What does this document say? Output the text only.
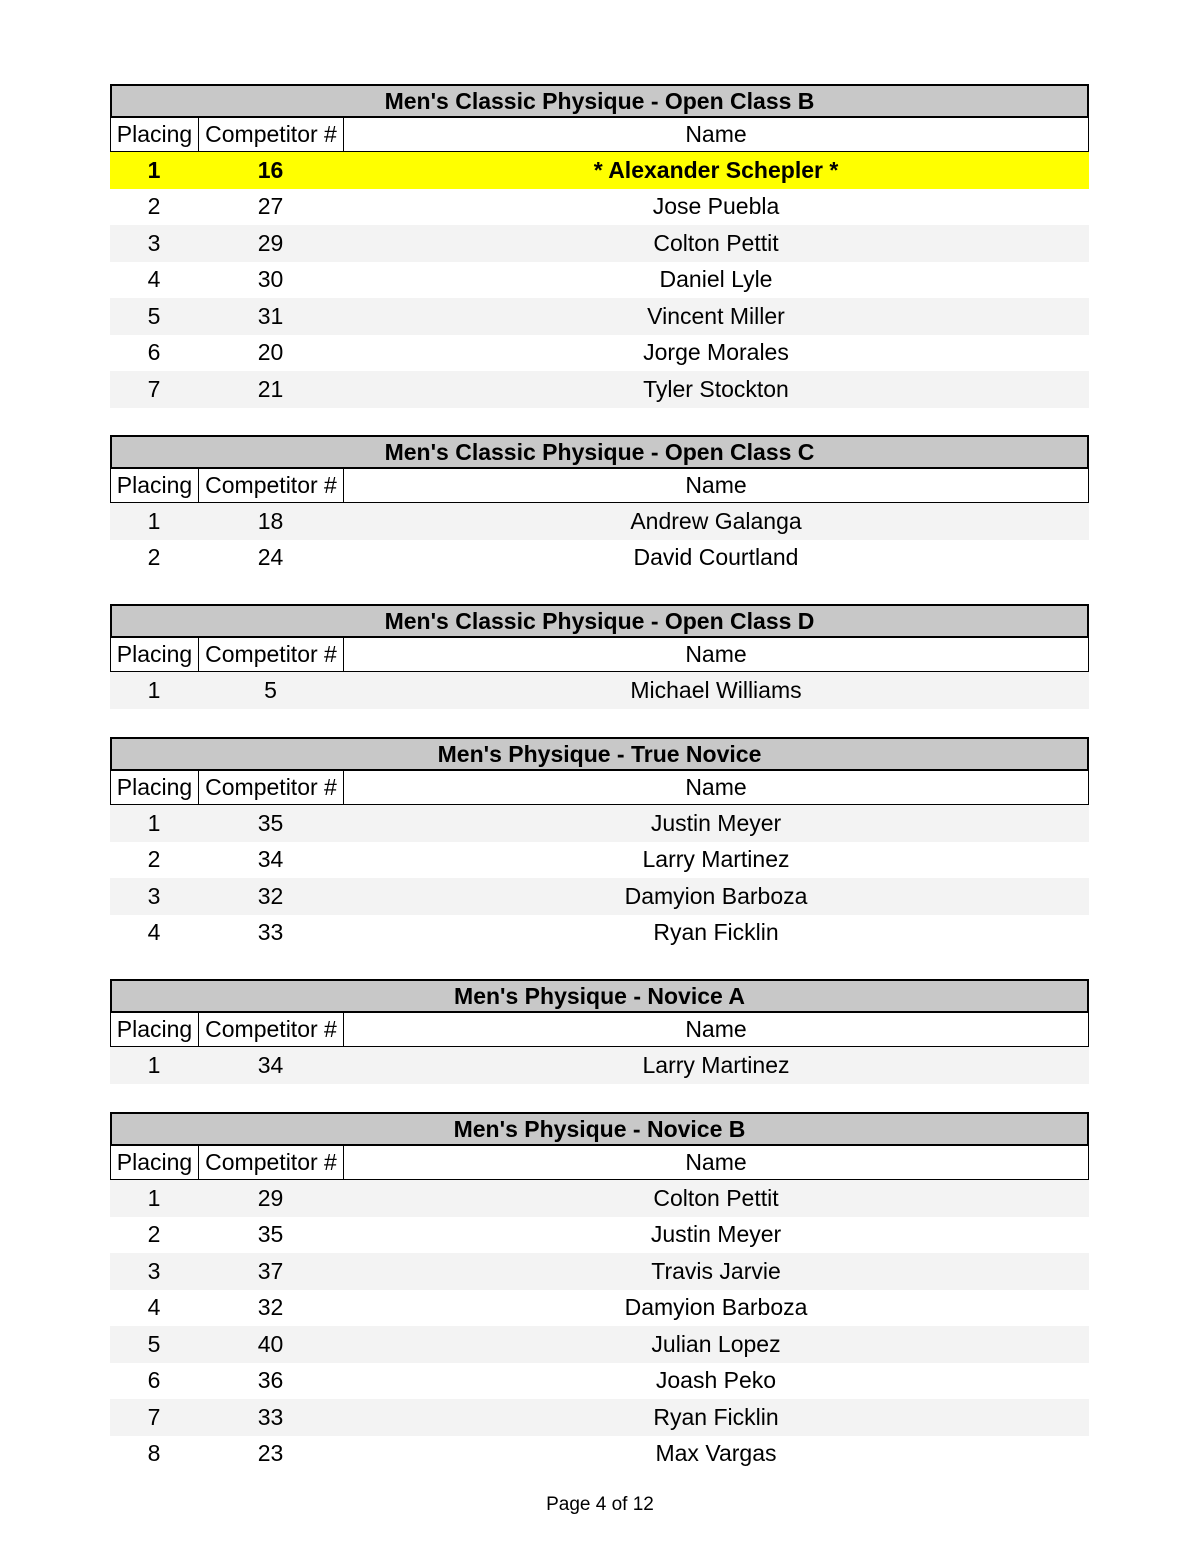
Men's Classic Physique - Open Class B
Placing Competitor #	Name
1	16	* Alexander Schepler *
2	27	Jose Puebla
3	29	Colton Pettit
4	30	Daniel Lyle
5	31	Vincent Miller
6	20	Jorge Morales
7	21	Tyler Stockton
Men's Classic Physique - Open Class C
Placing Competitor #	Name
1	18	Andrew Galanga
2	24	David Courtland
Men's Classic Physique - Open Class D
Placing Competitor #	Name
1	5	Michael Williams
Men's Physique - True Novice
Placing Competitor #	Name
1	35	Justin Meyer
2	34	Larry Martinez
3	32	Damyion Barboza
4	33	Ryan Ficklin
Men's Physique - Novice A
Placing Competitor #	Name
1	34	Larry Martinez
Men's Physique - Novice B
Placing Competitor #	Name
1	29	Colton Pettit
2	35	Justin Meyer
3	37	Travis Jarvie
4	32	Damyion Barboza
5	40	Julian Lopez
6	36	Joash Peko
7	33	Ryan Ficklin
8	23	Max Vargas
Page 4 of 12
